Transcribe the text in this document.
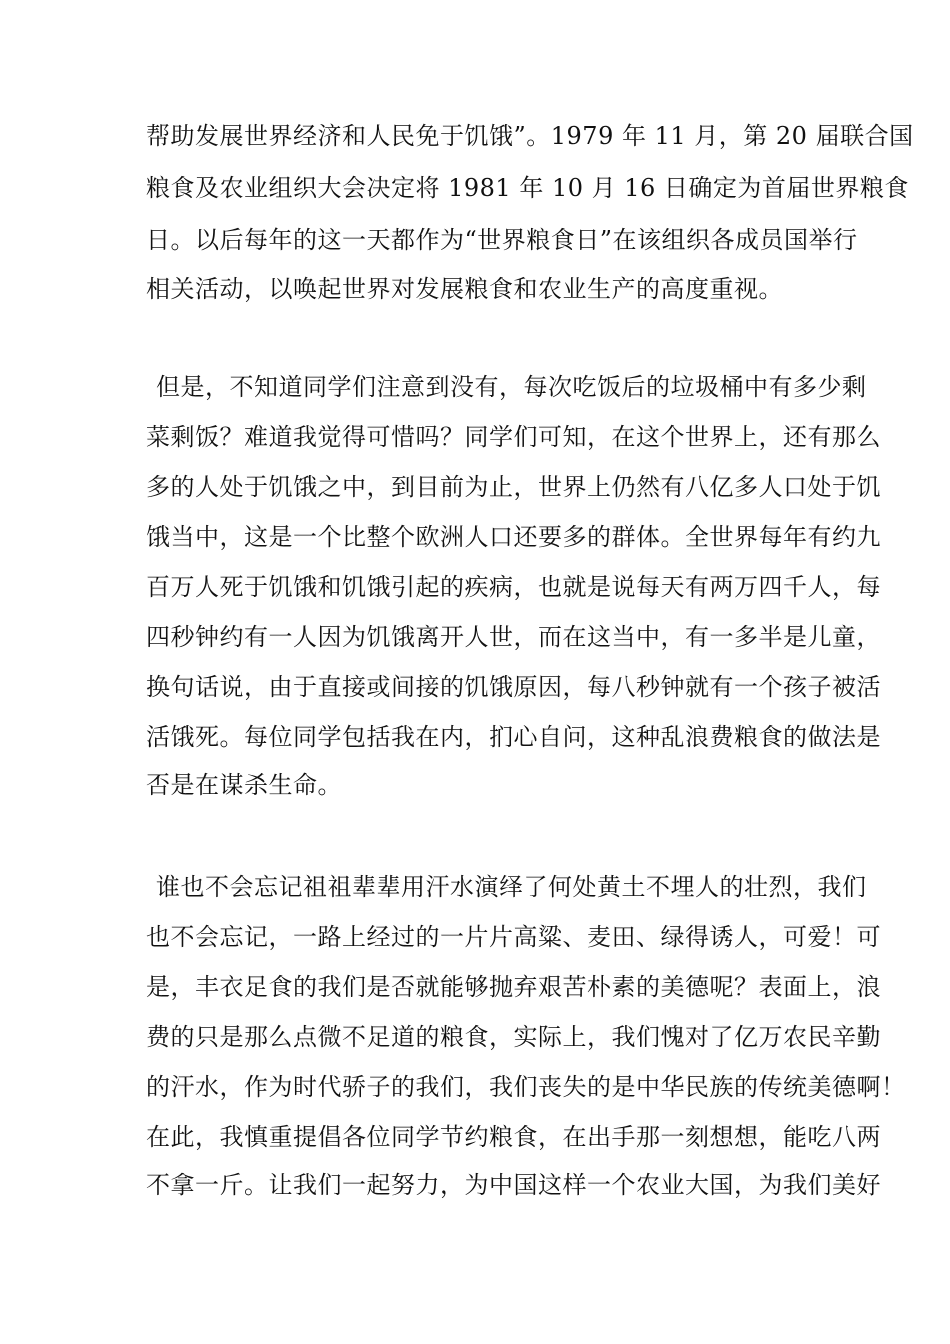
帮助发展世界经济和人民免于饥饿”。1979 年 11 月，第 20 届联合国
粮食及农业组织大会决定将 1981 年 10 月 16 日确定为首届世界粮食
日。以后每年的这一天都作为“世界粮食日”在该组织各成员国举行
相关活动，以唤起世界对发展粮食和农业生产的高度重视。
但是，不知道同学们注意到没有，每次吃饭后的垃圾桶中有多少剩
菜剩饭？难道我觉得可惜吗？同学们可知，在这个世界上，还有那么
多的人处于饥饿之中，到目前为止，世界上仍然有八亿多人口处于饥
饿当中，这是一个比整个欧洲人口还要多的群体。全世界每年有约九
百万人死于饥饿和饥饿引起的疾病，也就是说每天有两万四千人，每
四秒钟约有一人因为饥饿离开人世，而在这当中，有一多半是儿童，
换句话说，由于直接或间接的饥饿原因，每八秒钟就有一个孩子被活
活饿死。每位同学包括我在内，扪心自问，这种乱浪费粮食的做法是
否是在谋杀生命。
谁也不会忘记祖祖辈辈用汗水演绎了何处黄土不埋人的壮烈，我们
也不会忘记，一路上经过的一片片高粱、麦田、绿得诱人，可爱！可
是，丰衣足食的我们是否就能够抛弃艰苦朴素的美德呢？表面上，浪
费的只是那么点微不足道的粮食，实际上，我们愧对了亿万农民辛勤
的汗水，作为时代骄子的我们，我们丧失的是中华民族的传统美德啊！
在此，我慎重提倡各位同学节约粮食，在出手那一刻想想，能吃八两
不拿一斤。让我们一起努力，为中国这样一个农业大国，为我们美好
